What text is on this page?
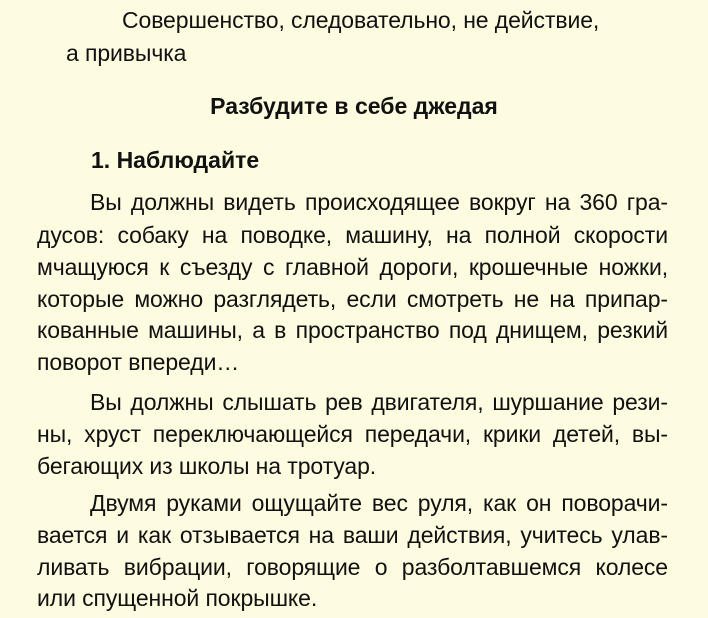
Совершенство, следовательно, не действие,
а привычка
Разбудите в себе джедая
1. Наблюдайте
Вы должны видеть происходящее вокруг на 360 гра-
дусов: собаку на поводке, машину, на полной скорости
мчащуюся к съезду с главной дороги, крошечные ножки,
которые можно разглядеть, если смотреть не на припар-
кованные машины, а в пространство под днищем, резкий
поворот впереди…
Вы должны слышать рев двигателя, шуршание рези-
ны, хруст переключающейся передачи, крики детей, вы-
бегающих из школы на тротуар.
Двумя руками ощущайте вес руля, как он поворачи-
вается и как отзывается на ваши действия, учитесь улав-
ливать вибрации, говорящие о разболтавшемся колесе
или спущенной покрышке.
